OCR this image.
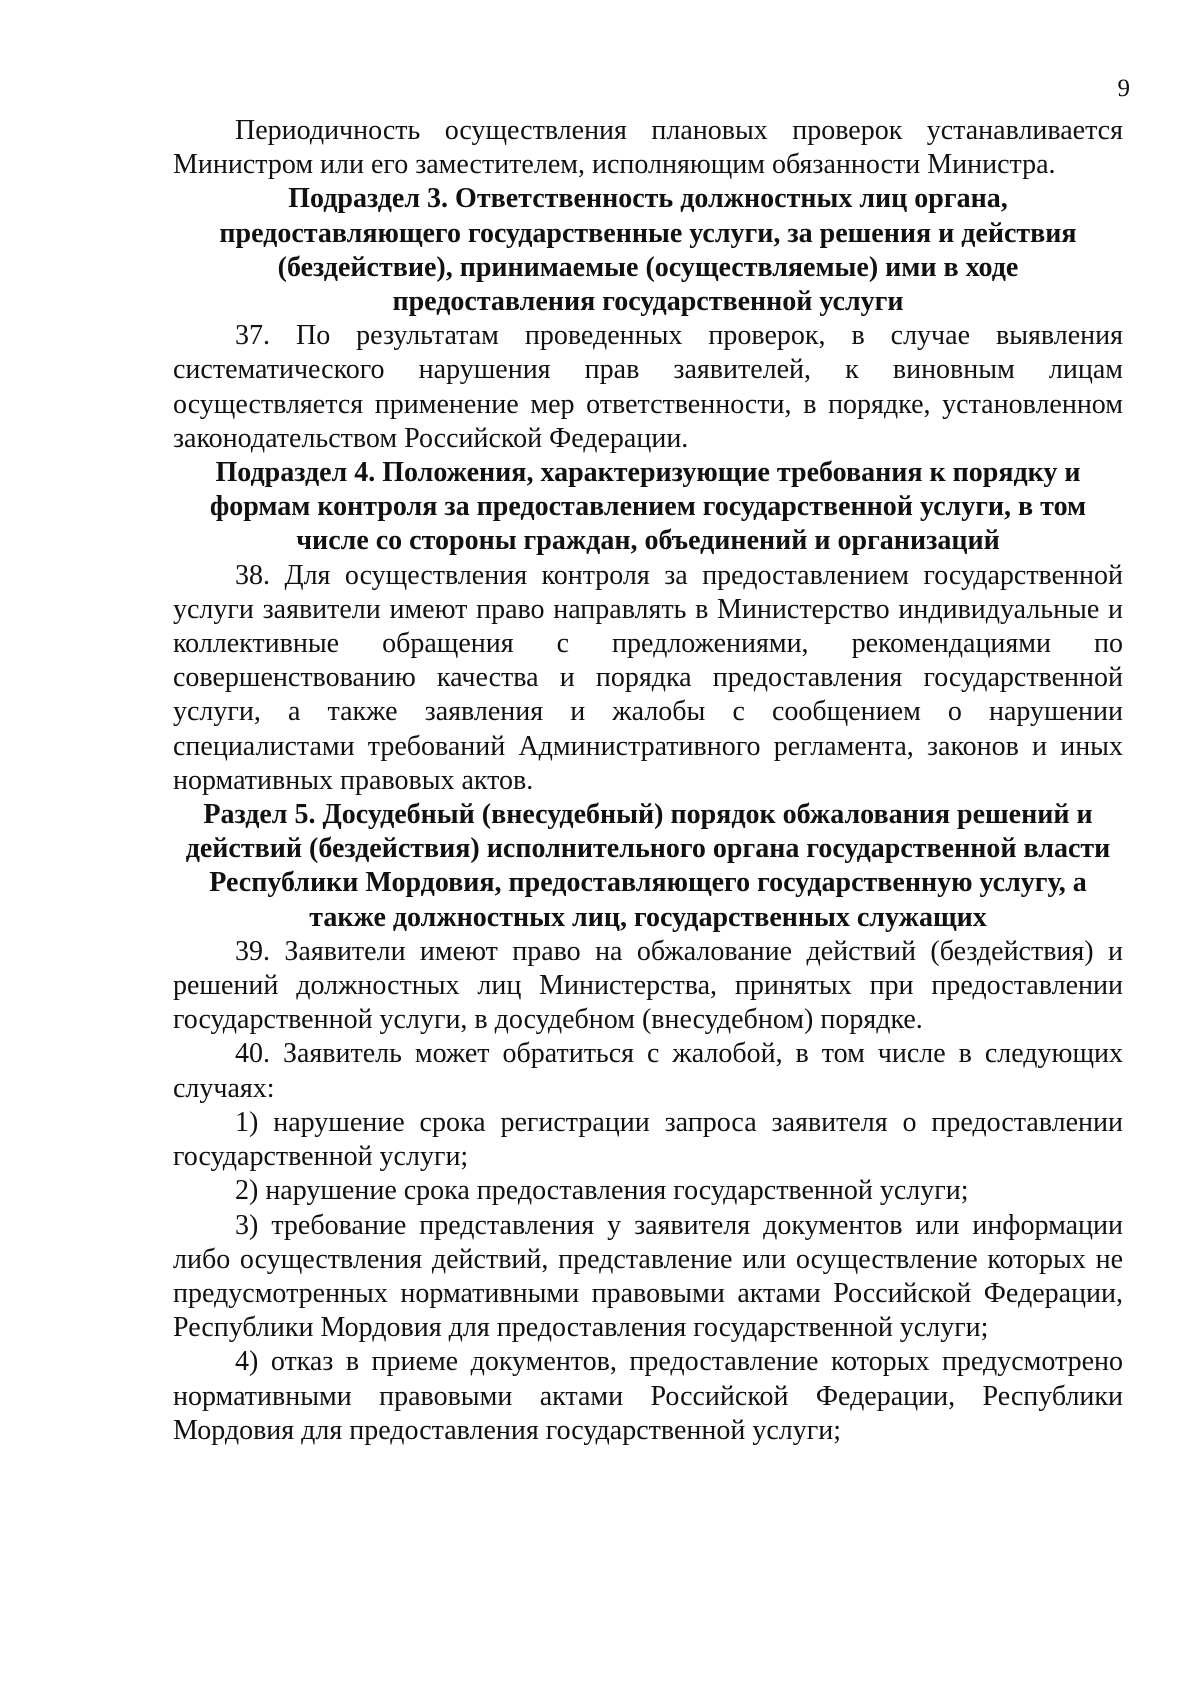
9

Периодичность осуществления плановых проверок устанавливается Министром или его заместителем, исполняющим обязанности Министра.

Подраздел 3. Ответственность должностных лиц органа, предоставляющего государственные услуги, за решения и действия (бездействие), принимаемые (осуществляемые) ими в ходе предоставления государственной услуги

37. По результатам проведенных проверок, в случае выявления систематического нарушения прав заявителей, к виновным лицам осуществляется применение мер ответственности, в порядке, установленном законодательством Российской Федерации.

Подраздел 4. Положения, характеризующие требования к порядку и формам контроля за предоставлением государственной услуги, в том числе со стороны граждан, объединений и организаций

38. Для осуществления контроля за предоставлением государственной услуги заявители имеют право направлять в Министерство индивидуальные и коллективные обращения с предложениями, рекомендациями по совершенствованию качества и порядка предоставления государственной услуги, а также заявления и жалобы с сообщением о нарушении специалистами требований Административного регламента, законов и иных нормативных правовых актов.

Раздел 5. Досудебный (внесудебный) порядок обжалования решений и действий (бездействия) исполнительного органа государственной власти Республики Мордовия, предоставляющего государственную услугу, а также должностных лиц, государственных служащих

39. Заявители имеют право на обжалование действий (бездействия) и решений должностных лиц Министерства, принятых при предоставлении государственной услуги, в досудебном (внесудебном) порядке.

40. Заявитель может обратиться с жалобой, в том числе в следующих случаях:

1) нарушение срока регистрации запроса заявителя о предоставлении государственной услуги;

2) нарушение срока предоставления государственной услуги;

3) требование представления у заявителя документов или информации либо осуществления действий, представление или осуществление которых не предусмотренных нормативными правовыми актами Российской Федерации, Республики Мордовия для предоставления государственной услуги;

4) отказ в приеме документов, предоставление которых предусмотрено нормативными правовыми актами Российской Федерации, Республики Мордовия для предоставления государственной услуги;
